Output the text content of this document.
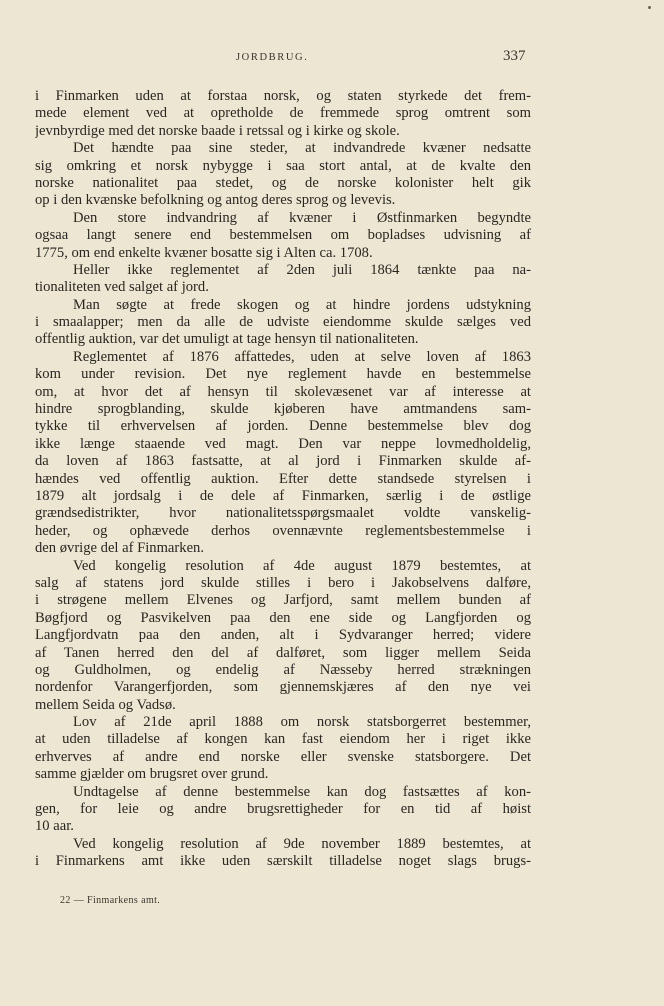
JORDBRUG.	337
i Finmarken uden at forstaa norsk, og staten styrkede det frem-
mede element ved at opretholde de fremmede sprog omtrent som
jevnbyrdige med det norske baade i retssal og i kirke og skole.
Det hændte paa sine steder, at indvandrede kvæner nedsatte
sig omkring et norsk nybygge i saa stort antal, at de kvalte den
norske nationalitet paa stedet, og de norske kolonister helt gik
op i den kvænske befolkning og antog deres sprog og levevis.
Den store indvandring af kvæner i Østfinmarken begyndte
ogsaa langt senere end bestemmelsen om bopladses udvisning af
1775, om end enkelte kvæner bosatte sig i Alten ca. 1708.
Heller ikke reglementet af 2den juli 1864 tænkte paa na-
tionaliteten ved salget af jord.
Man søgte at frede skogen og at hindre jordens udstykning
i smaalapper; men da alle de udviste eiendomme skulde sælges ved
offentlig auktion, var det umuligt at tage hensyn til nationaliteten.
Reglementet af 1876 affattedes, uden at selve loven af 1863
kom under revision. Det nye reglement havde en bestemmelse
om, at hvor det af hensyn til skolevæsenet var af interesse at
hindre sprogblanding, skulde kjøberen have amtmandens sam-
tykke til erhvervelsen af jorden. Denne bestemmelse blev dog
ikke længe staaende ved magt. Den var neppe lovmedholdelig,
da loven af 1863 fastsatte, at al jord i Finmarken skulde af-
hændes ved offentlig auktion. Efter dette standsede styrelsen i
1879 alt jordsalg i de dele af Finmarken, særlig i de østlige
grændsedistrikter, hvor nationalitetsspørgsmaalet voldte vanskelig-
heder, og ophævede derhos ovennævnte reglementsbestemmelse i
den øvrige del af Finmarken.
Ved kongelig resolution af 4de august 1879 bestemtes, at
salg af statens jord skulde stilles i bero i Jakobselvens dalføre,
i strøgene mellem Elvenes og Jarfjord, samt mellem bunden af
Bøgfjord og Pasvikelven paa den ene side og Langfjorden og
Langfjordvatn paa den anden, alt i Sydvaranger herred; videre
af Tanen herred den del af dalføret, som ligger mellem Seida
og Guldholmen, og endelig af Næsseby herred strækningen
nordenfor Varangerfjorden, som gjennemskjæres af den nye vei
mellem Seida og Vadsø.
Lov af 21de april 1888 om norsk statsborgerret bestemmer,
at uden tilladelse af kongen kan fast eiendom her i riget ikke
erhverves af andre end norske eller svenske statsborgere. Det
samme gjælder om brugsret over grund.
Undtagelse af denne bestemmelse kan dog fastsættes af kon-
gen, for leie og andre brugsrettigheder for en tid af høist
10 aar.
Ved kongelig resolution af 9de november 1889 bestemtes, at
i Finmarkens amt ikke uden særskilt tilladelse noget slags brugs-
22 — Finmarkens amt.
